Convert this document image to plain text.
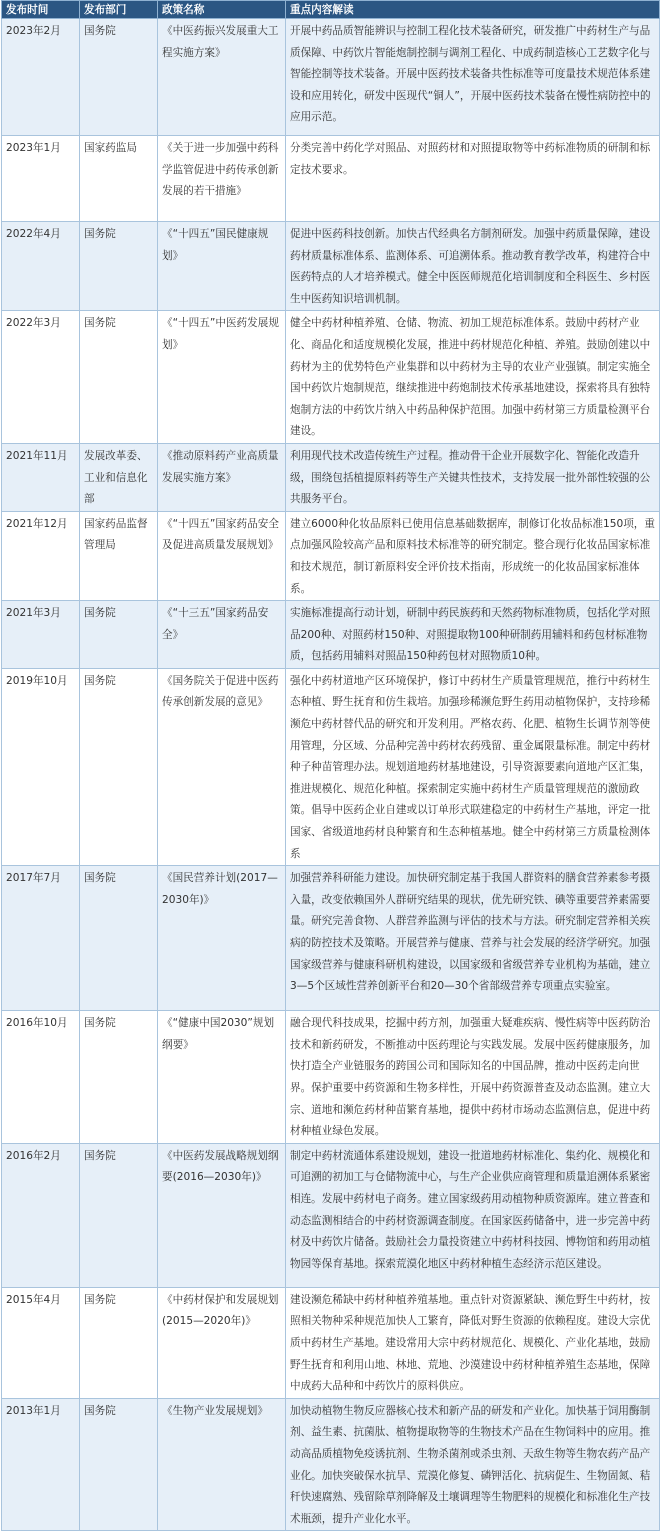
发布时间	发布部门	政策名称	重点内容解读

2023年2月	国务院	《中医药振兴发展重大工程实施方案》	开展中药品质智能辨识与控制工程化技术装备研究，研发推广中药材生产与品质保障、中药饮片智能炮制控制与调剂工程化、中成药制造核心工艺数字化与智能控制等技术装备。开展中医药技术装备共性标准等可度量技术规范体系建设和应用转化，研发中医现代“铜人”，开展中医药技术装备在慢性病防控中的应用示范。

2023年1月	国家药监局	《关于进一步加强中药科学监管促进中药传承创新发展的若干措施》	分类完善中药化学对照品、对照药材和对照提取物等中药标准物质的研制和标定技术要求。

2022年4月	国务院	《“十四五”国民健康规划》	促进中医药科技创新。加快古代经典名方制剂研发。加强中药质量保障，建设药材质量标准体系、监测体系、可追溯体系。推动教育教学改革，构建符合中医药特点的人才培养模式。健全中医医师规范化培训制度和全科医生、乡村医生中医药知识培训机制。

2022年3月	国务院	《“十四五”中医药发展规划》	健全中药材种植养殖、仓储、物流、初加工规范标准体系。鼓励中药材产业化、商品化和适度规模化发展，推进中药材规范化种植、养殖。鼓励创建以中药材为主的优势特色产业集群和以中药材为主导的农业产业强镇。制定实施全国中药饮片炮制规范，继续推进中药炮制技术传承基地建设，探索将具有独特炮制方法的中药饮片纳入中药品种保护范围。加强中药材第三方质量检测平台建设。

2021年11月	发展改革委、工业和信息化部	《推动原料药产业高质量发展实施方案》	利用现代技术改造传统生产过程。推动骨干企业开展数字化、智能化改造升级，围绕包括植提原料药等生产关键共性技术，支持发展一批外部性较强的公共服务平台。

2021年12月	国家药品监督管理局	《“十四五”国家药品安全及促进高质量发展规划》	建立6000种化妆品原料已使用信息基础数据库，制修订化妆品标准150项，重点加强风险较高产品和原料技术标准等的研究制定。整合现行化妆品国家标准和技术规范，制订新原料安全评价技术指南，形成统一的化妆品国家标准体系。

2021年3月	国务院	《“十三五”国家药品安全》	实施标准提高行动计划，研制中药民族药和天然药物标准物质，包括化学对照品200种、对照药材150种、对照提取物100种研制药用辅料和药包材标准物质，包括药用辅料对照品150种药包材对照物质10种。

2019年10月	国务院	《国务院关于促进中医药传承创新发展的意见》	强化中药材道地产区环境保护，修订中药材生产质量管理规范，推行中药材生态种植、野生抚育和仿生栽培。加强珍稀濒危野生药用动植物保护，支持珍稀濒危中药材替代品的研究和开发利用。严格农药、化肥、植物生长调节剂等使用管理，分区域、分品种完善中药材农药残留、重金属限量标准。制定中药材种子种苗管理办法。规划道地药材基地建设，引导资源要素向道地产区汇集，推进规模化、规范化种植。探索制定实施中药材生产质量管理规范的激励政策。倡导中医药企业自建或以订单形式联建稳定的中药材生产基地，评定一批国家、省级道地药材良种繁育和生态种植基地。健全中药材第三方质量检测体系

2017年7月	国务院	《国民营养计划(2017—2030年)》	加强营养科研能力建设。加快研究制定基于我国人群资料的膳食营养素参考摄入量，改变依赖国外人群研究结果的现状，优先研究铁、碘等重要营养素需要量。研究完善食物、人群营养监测与评估的技术与方法。研究制定营养相关疾病的防控技术及策略。开展营养与健康、营养与社会发展的经济学研究。加强国家级营养与健康科研机构建设，以国家级和省级营养专业机构为基础，建立3—5个区域性营养创新平台和20—30个省部级营养专项重点实验室。

2016年10月	国务院	《“健康中国2030”规划纲要》	融合现代科技成果，挖掘中药方剂，加强重大疑难疾病、慢性病等中医药防治技术和新药研发，不断推动中医药理论与实践发展。发展中医药健康服务，加快打造全产业链服务的跨国公司和国际知名的中国品牌，推动中医药走向世界。保护重要中药资源和生物多样性，开展中药资源普查及动态监测。建立大宗、道地和濒危药材种苗繁育基地，提供中药材市场动态监测信息，促进中药材种植业绿色发展。

2016年2月	国务院	《中医药发展战略规划纲要(2016—2030年)》	制定中药材流通体系建设规划，建设一批道地药材标准化、集约化、规模化和可追溯的初加工与仓储物流中心，与生产企业供应商管理和质量追溯体系紧密相连。发展中药材电子商务。建立国家级药用动植物种质资源库。建立普查和动态监测相结合的中药材资源调查制度。在国家医药储备中，进一步完善中药材及中药饮片储备。鼓励社会力量投资建立中药材科技园、博物馆和药用动植物园等保育基地。探索荒漠化地区中药材种植生态经济示范区建设。

2015年4月	国务院	《中药材保护和发展规划(2015—2020年)》	建设濒危稀缺中药材种植养殖基地。重点针对资源紧缺、濒危野生中药材，按照相关物种采种规范加快人工繁育，降低对野生资源的依赖程度。建设大宗优质中药材生产基地。建设常用大宗中药材规范化、规模化、产业化基地，鼓励野生抚育和利用山地、林地、荒地、沙漠建设中药材种植养殖生态基地，保障中成药大品种和中药饮片的原料供应。

2013年1月	国务院	《生物产业发展规划》	加快动植物生物反应器核心技术和新产品的研发和产业化。加快基于饲用酶制剂、益生素、抗菌肽、植物提取物等的生物技术产品在生物饲料中的应用。推动高品质植物免疫诱抗剂、生物杀菌剂或杀虫剂、天敌生物等生物农药产品产业化。加快突破保水抗旱、荒漠化修复、磷钾活化、抗病促生、生物固氮、秸秆快速腐熟、残留除草剂降解及土壤调理等生物肥料的规模化和标准化生产技术瓶颈，提升产业化水平。
